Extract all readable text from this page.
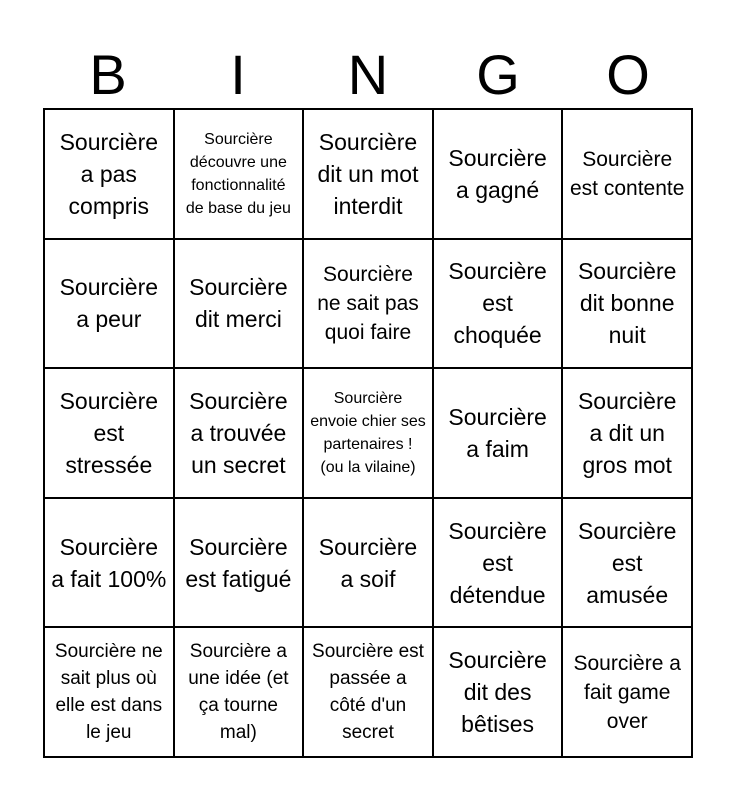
B	I	N	G	O
Sourcière a pas compris
Sourcière découvre une fonctionnalité de base du jeu
Sourcière dit un mot interdit
Sourcière a gagné
Sourcière est contente
Sourcière a peur
Sourcière dit merci
Sourcière ne sait pas quoi faire
Sourcière est choquée
Sourcière dit bonne nuit
Sourcière est stressée
Sourcière a trouvée un secret
Sourcière envoie chier ses partenaires ! (ou la vilaine)
Sourcière a faim
Sourcière a dit un gros mot
Sourcière a fait 100%
Sourcière est fatigué
Sourcière a soif
Sourcière est détendue
Sourcière est amusée
Sourcière ne sait plus où elle est dans le jeu
Sourcière a une idée (et ça tourne mal)
Sourcière est passée a côté d'un secret
Sourcière dit des bêtises
Sourcière a fait game over
